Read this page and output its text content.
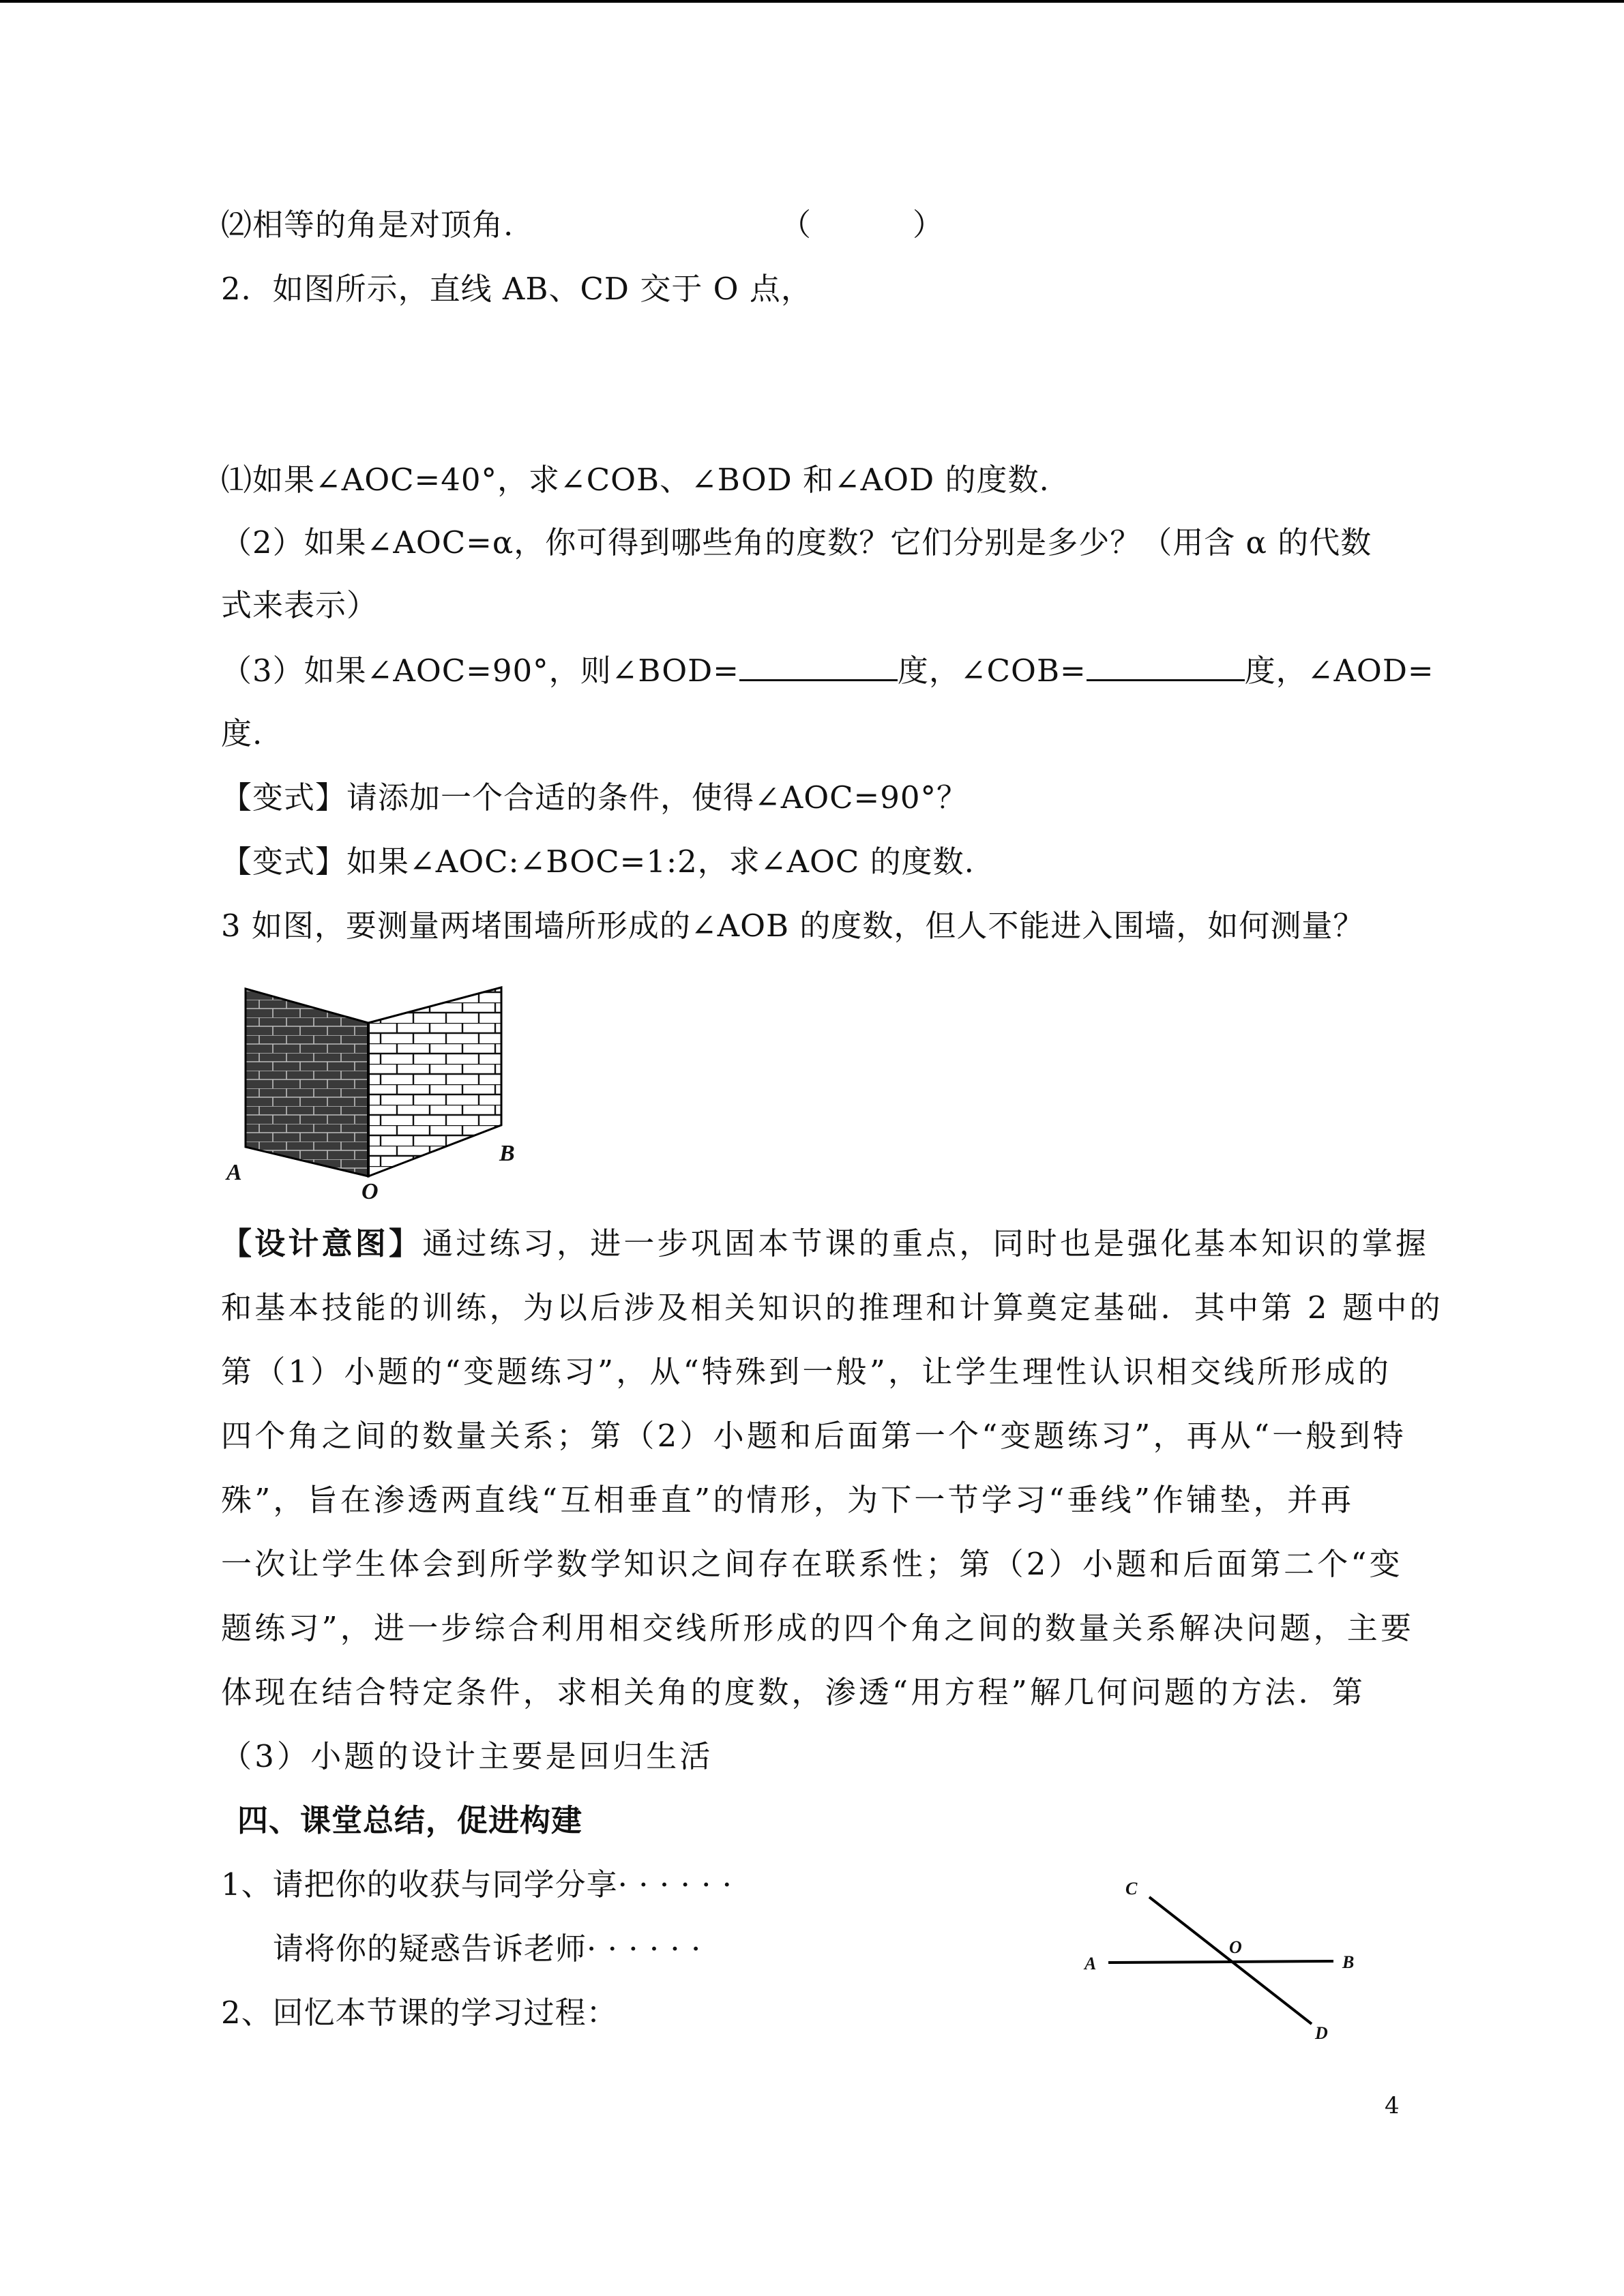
⑵相等的角是对顶角.	（	）
2．如图所示，直线 AB、CD 交于 O 点，
⑴如果∠AOC=40°，求∠COB、∠BOD 和∠AOD 的度数.
（2）如果∠AOC=α，你可得到哪些角的度数？它们分别是多少？（用含 α 的代数
式来表示）
（3）如果∠AOC=90°，则∠BOD=	度，∠COB=	度，∠AOD=
度.
【变式】请添加一个合适的条件，使得∠AOC=90°？
【变式】如果∠AOC:∠BOC=1:2，求∠AOC 的度数.
3 如图，要测量两堵围墙所形成的∠AOB 的度数，但人不能进入围墙，如何测量？
A
B
O
【设计意图】通过练习，进一步巩固本节课的重点，同时也是强化基本知识的掌握
和基本技能的训练，为以后涉及相关知识的推理和计算奠定基础．其中第 2 题中的
第（1）小题的“变题练习”，从“特殊到一般”，让学生理性认识相交线所形成的
四个角之间的数量关系；第（2）小题和后面第一个“变题练习”，再从“一般到特
殊”，旨在渗透两直线“互相垂直”的情形，为下一节学习“垂线”作铺垫，并再
一次让学生体会到所学数学知识之间存在联系性；第（2）小题和后面第二个“变
题练习”，进一步综合利用相交线所形成的四个角之间的数量关系解决问题，主要
体现在结合特定条件，求相关角的度数，渗透“用方程”解几何问题的方法．第
（3）小题的设计主要是回归生活
四、课堂总结，促进构建
1、请把你的收获与同学分享· · · · · ·
请将你的疑惑告诉老师· · · · · ·
2、回忆本节课的学习过程：
C
A
O
B
D
4
